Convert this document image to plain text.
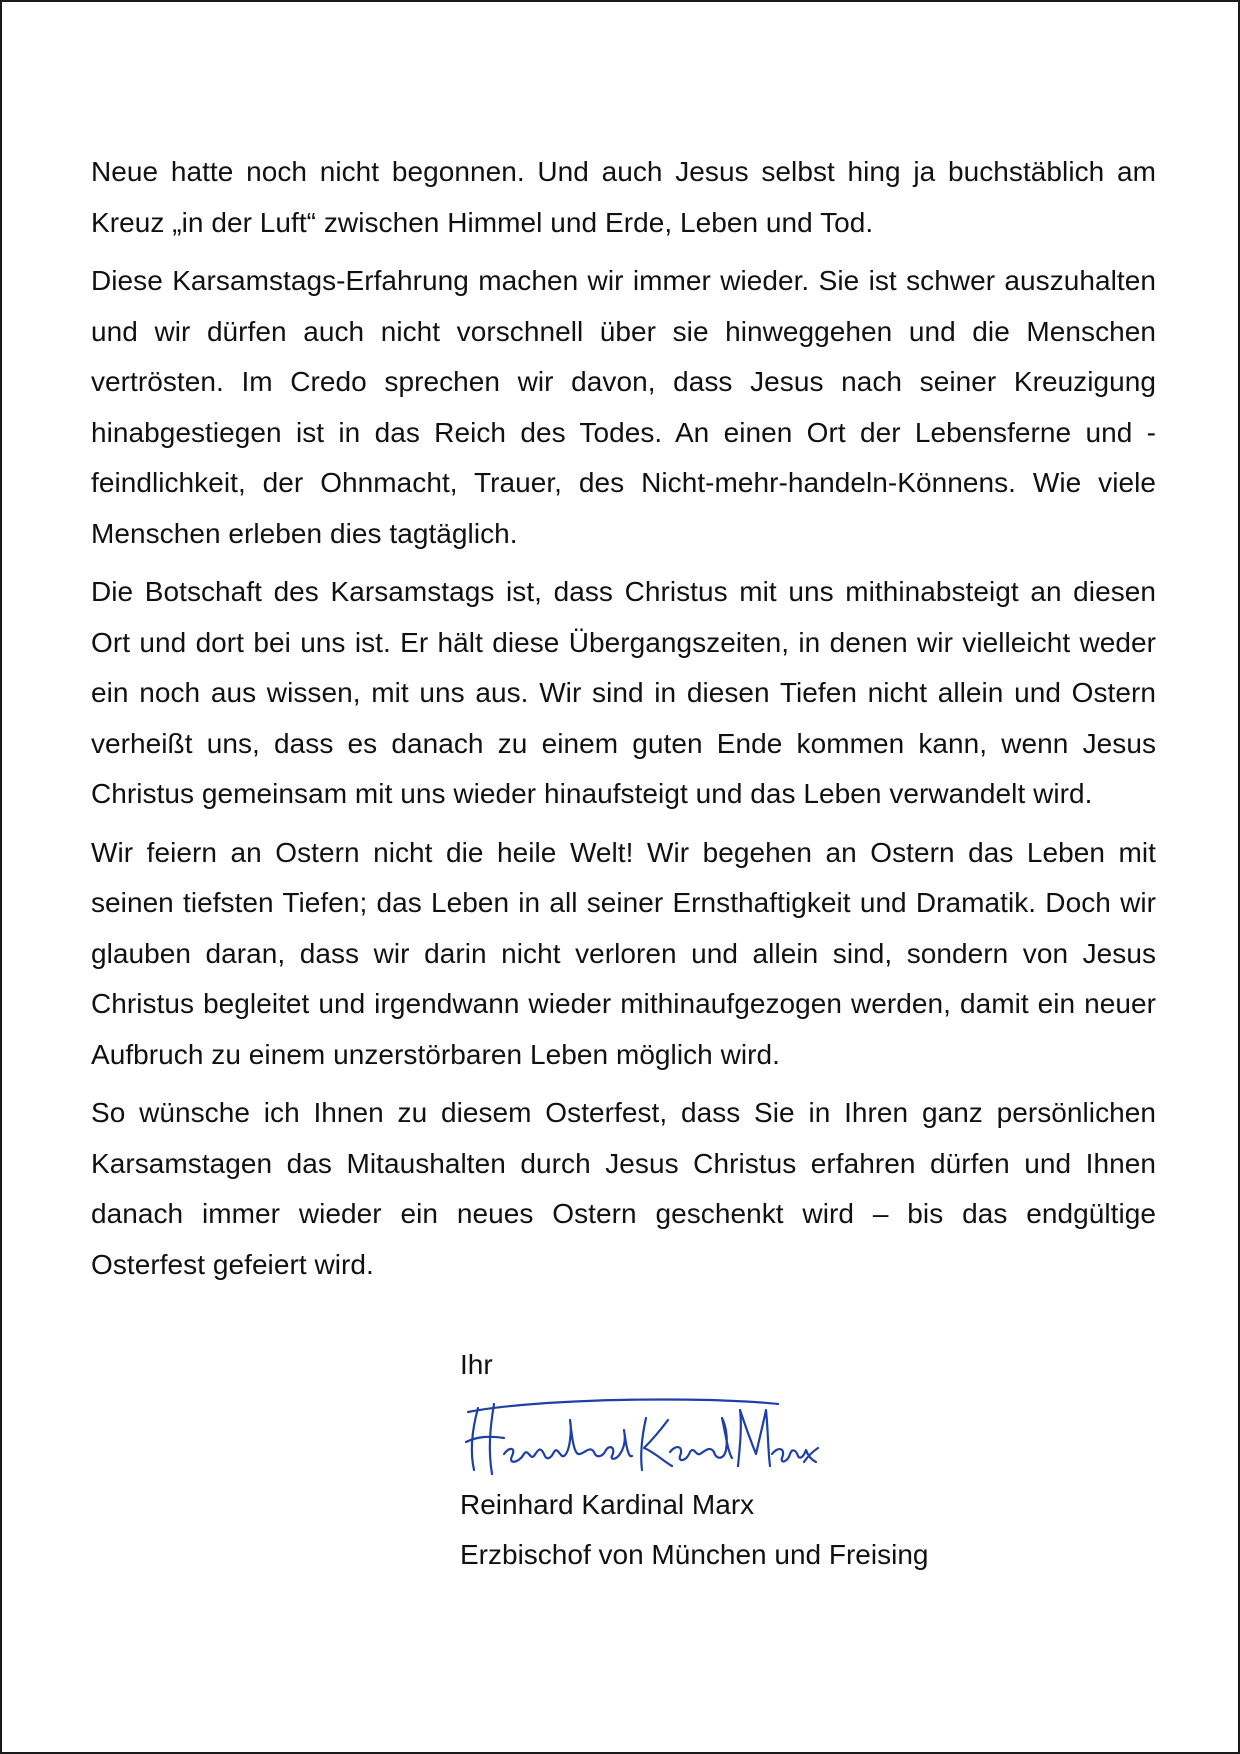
Neue hatte noch nicht begonnen. Und auch Jesus selbst hing ja buchstäblich am Kreuz „in der Luft“ zwischen Himmel und Erde, Leben und Tod.

Diese Karsamstags-Erfahrung machen wir immer wieder. Sie ist schwer auszuhalten und wir dürfen auch nicht vorschnell über sie hinweggehen und die Menschen vertrösten. Im Credo sprechen wir davon, dass Jesus nach seiner Kreuzigung hinabgestiegen ist in das Reich des Todes. An einen Ort der Lebensferne und -feindlichkeit, der Ohnmacht, Trauer, des Nicht-mehr-handeln-Könnens. Wie viele Menschen erleben dies tagtäglich.

Die Botschaft des Karsamstags ist, dass Christus mit uns mithinabsteigt an diesen Ort und dort bei uns ist. Er hält diese Übergangszeiten, in denen wir vielleicht weder ein noch aus wissen, mit uns aus. Wir sind in diesen Tiefen nicht allein und Ostern verheißt uns, dass es danach zu einem guten Ende kommen kann, wenn Jesus Christus gemeinsam mit uns wieder hinaufsteigt und das Leben verwandelt wird.

Wir feiern an Ostern nicht die heile Welt! Wir begehen an Ostern das Leben mit seinen tiefsten Tiefen; das Leben in all seiner Ernsthaftigkeit und Dramatik. Doch wir glauben daran, dass wir darin nicht verloren und allein sind, sondern von Jesus Christus begleitet und irgendwann wieder mithinaufgezogen werden, damit ein neuer Aufbruch zu einem unzerstörbaren Leben möglich wird.

So wünsche ich Ihnen zu diesem Osterfest, dass Sie in Ihren ganz persönlichen Karsamstagen das Mitaushalten durch Jesus Christus erfahren dürfen und Ihnen danach immer wieder ein neues Ostern geschenkt wird – bis das endgültige Osterfest gefeiert wird.

Ihr
Reinhard Kardinal Marx
Erzbischof von München und Freising
